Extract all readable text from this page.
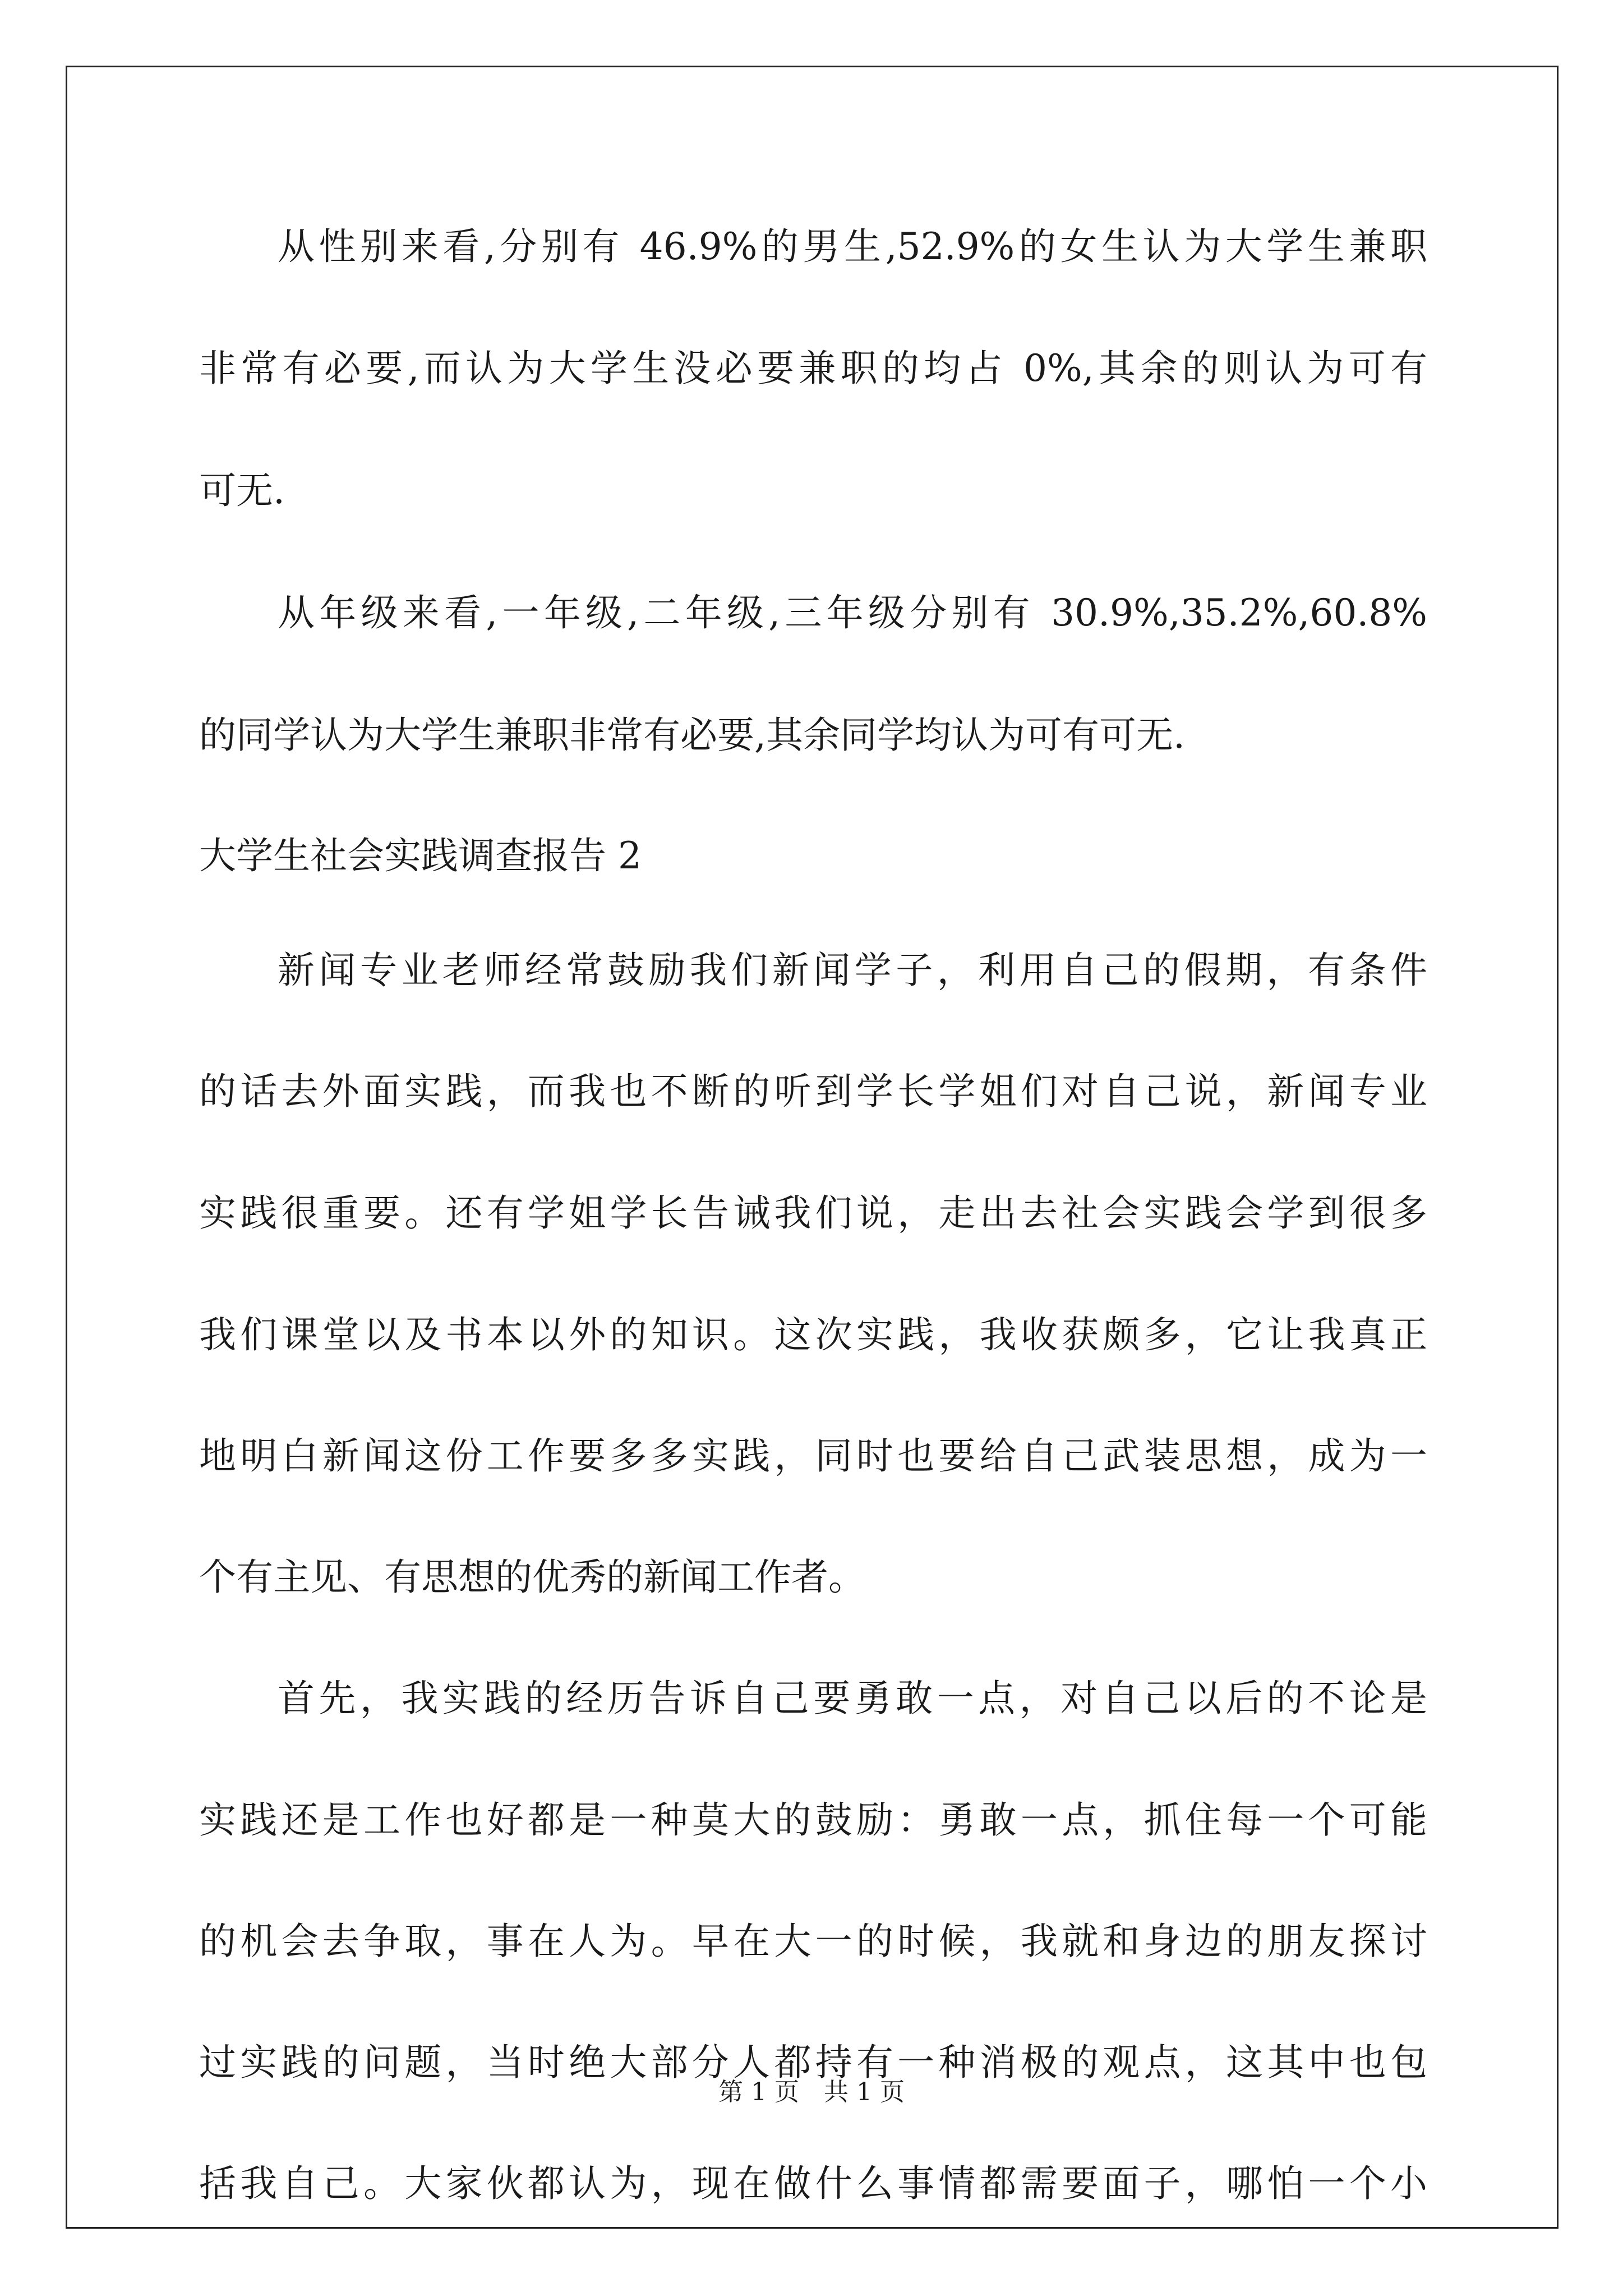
从性别来看,分别有 46.9%的男生,52.9%的女生认为大学生兼职
非常有必要,而认为大学生没必要兼职的均占 0%,其余的则认为可有
可无.
从年级来看,一年级,二年级,三年级分别有 30.9%,35.2%,60.8%
的同学认为大学生兼职非常有必要,其余同学均认为可有可无.
大学生社会实践调查报告 2
新闻专业老师经常鼓励我们新闻学子，利用自己的假期，有条件
的话去外面实践，而我也不断的听到学长学姐们对自己说，新闻专业
实践很重要。还有学姐学长告诫我们说，走出去社会实践会学到很多
我们课堂以及书本以外的知识。这次实践，我收获颇多，它让我真正
地明白新闻这份工作要多多实践，同时也要给自己武装思想，成为一
个有主见、有思想的优秀的新闻工作者。
首先，我实践的经历告诉自己要勇敢一点，对自己以后的不论是
实践还是工作也好都是一种莫大的鼓励：勇敢一点，抓住每一个可能
的机会去争取，事在人为。早在大一的时候，我就和身边的朋友探讨
过实践的问题，当时绝大部分人都持有一种消极的观点，这其中也包
括我自己。大家伙都认为，现在做什么事情都需要面子，哪怕一个小
第 1 页　共 1 页
